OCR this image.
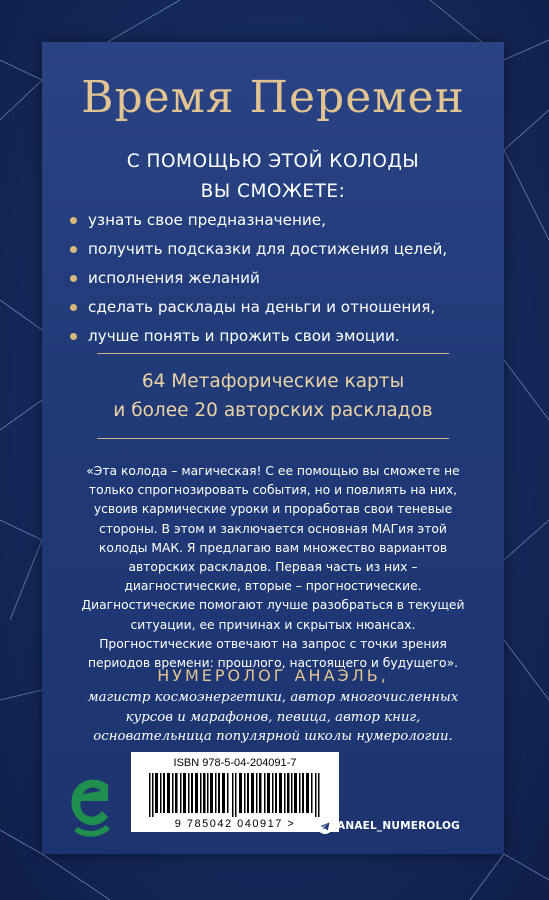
Время Перемен
С ПОМОЩЬЮ ЭТОЙ КОЛОДЫ
ВЫ СМОЖЕТЕ:
узнать свое предназначение,
получить подсказки для достижения целей,
исполнения желаний
сделать расклады на деньги и отношения,
лучше понять и прожить свои эмоции.
64 Метафорические карты
и более 20 авторских раскладов
«Эта колода – магическая! С ее помощью вы сможете не
только спрогнозировать события, но и повлиять на них,
усвоив кармические уроки и проработав свои теневые
стороны. В этом и заключается основная МАГия этой
колоды МАК. Я предлагаю вам множество вариантов
авторских раскладов. Первая часть из них –
диагностические, вторые – прогностические.
Диагностические помогают лучше разобраться в текущей
ситуации, ее причинах и скрытых нюансах.
Прогностические отвечают на запрос с точки зрения
периодов времени: прошлого, настоящего и будущего».
НУМЕРОЛОГ АНАЭЛЬ,
магистр космоэнергетики, автор многочисленных
курсов и марафонов, певица, автор книг,
основательница популярной школы нумерологии.
ISBN 978-5-04-204091-7
9 785042 040917 >	ANAEL_NUMEROLOG
